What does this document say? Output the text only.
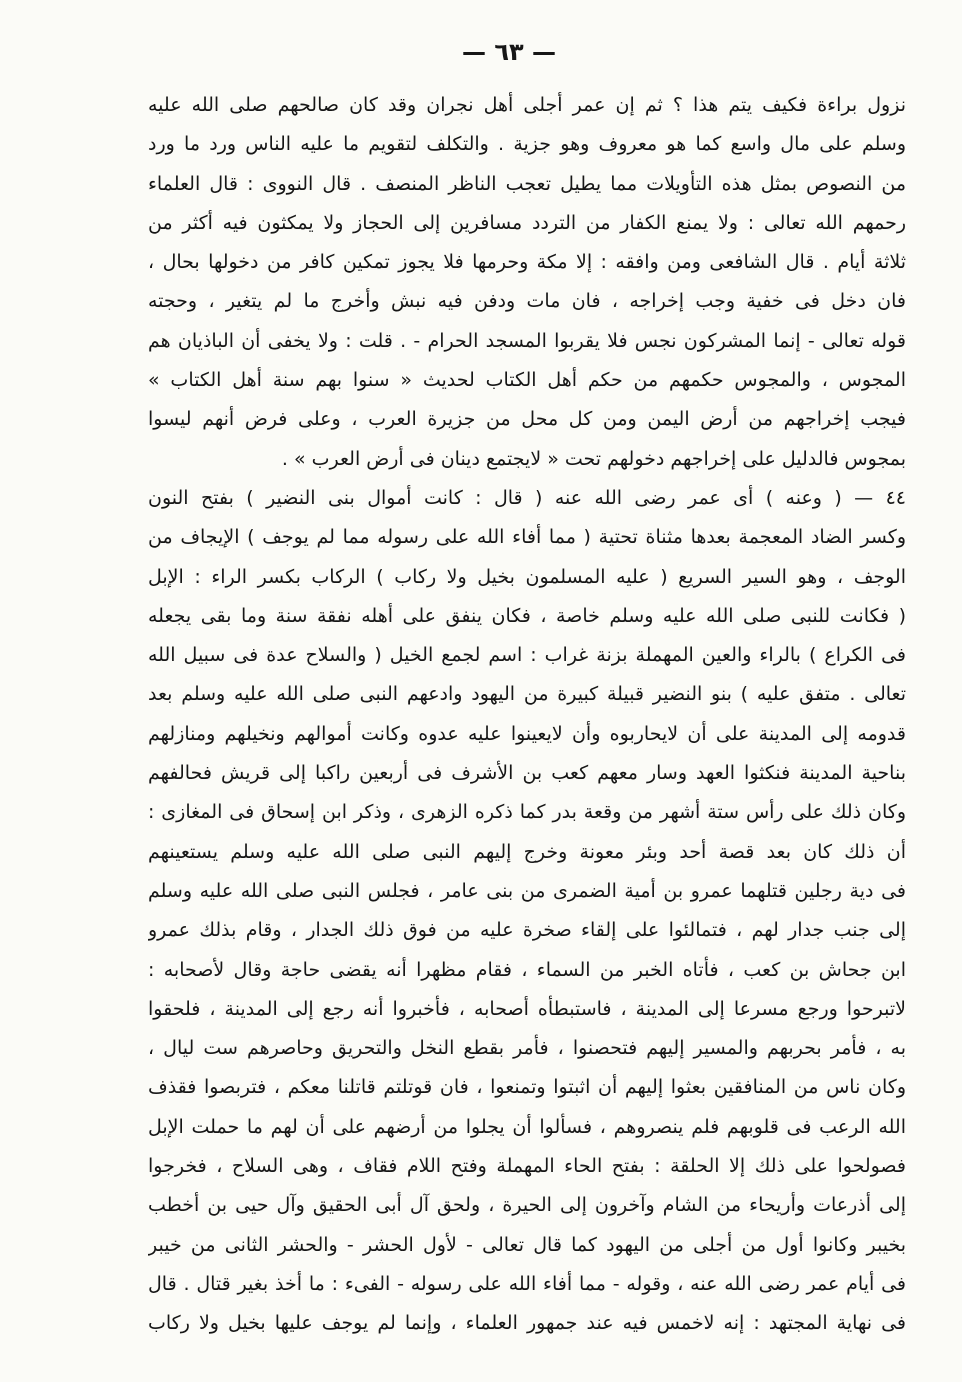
— ٦٣ —
نزول براءة فكيف يتم هذا ؟ ثم إن عمر أجلى أهل نجران وقد كان صالحهم صلى الله عليه
وسلم على مال واسع كما هو معروف وهو جزية . والتكلف لتقويم ما عليه الناس ورد ما ورد
من النصوص بمثل هذه التأويلات مما يطيل تعجب الناظر المنصف . قال النووى : قال العلماء
رحمهم الله تعالى : ولا يمنع الكفار من التردد مسافرين إلى الحجاز ولا يمكثون فيه أكثر من
ثلاثة أيام . قال الشافعى ومن وافقه : إلا مكة وحرمها فلا يجوز تمكين كافر من دخولها بحال ،
فان دخل فى خفية وجب إخراجه ، فان مات ودفن فيه نبش وأخرج ما لم يتغير ، وحجته
قوله تعالى - إنما المشركون نجس فلا يقربوا المسجد الحرام - . قلت : ولا يخفى أن الباذيان هم
المجوس ، والمجوس حكمهم من حكم أهل الكتاب لحديث « سنوا بهم سنة أهل الكتاب »
فيجب إخراجهم من أرض اليمن ومن كل محل من جزيرة العرب ، وعلى فرض أنهم ليسوا
بمجوس فالدليل على إخراجهم دخولهم تحت « لايجتمع دينان فى أرض العرب » .
٤٤ — ( وعنه ) أى عمر رضى الله عنه ( قال : كانت أموال بنى النضير ) بفتح النون
وكسر الضاد المعجمة بعدها مثناة تحتية ( مما أفاء الله على رسوله مما لم يوجف ) الإيجاف من
الوجف ، وهو السير السريع ( عليه المسلمون بخيل ولا ركاب ) الركاب بكسر الراء : الإبل
( فكانت للنبى صلى الله عليه وسلم خاصة ، فكان ينفق على أهله نفقة سنة وما بقى يجعله
فى الكراع ) بالراء والعين المهملة بزنة غراب : اسم لجمع الخيل ( والسلاح عدة فى سبيل الله
تعالى . متفق عليه ) بنو النضير قبيلة كبيرة من اليهود وادعهم النبى صلى الله عليه وسلم بعد
قدومه إلى المدينة على أن لايحاربوه وأن لايعينوا عليه عدوه وكانت أموالهم ونخيلهم ومنازلهم
بناحية المدينة فنكثوا العهد وسار معهم كعب بن الأشرف فى أربعين راكبا إلى قريش فحالفهم
وكان ذلك على رأس ستة أشهر من وقعة بدر كما ذكره الزهرى ، وذكر ابن إسحاق فى المغازى :
أن ذلك كان بعد قصة أحد وبئر معونة وخرج إليهم النبى صلى الله عليه وسلم يستعينهم
فى دية رجلين قتلهما عمرو بن أمية الضمرى من بنى عامر ، فجلس النبى صلى الله عليه وسلم
إلى جنب جدار لهم ، فتمالئوا على إلقاء صخرة عليه من فوق ذلك الجدار ، وقام بذلك عمرو
ابن جحاش بن كعب ، فأتاه الخبر من السماء ، فقام مظهرا أنه يقضى حاجة وقال لأصحابه :
لاتبرحوا ورجع مسرعا إلى المدينة ، فاستبطأه أصحابه ، فأخبروا أنه رجع إلى المدينة ، فلحقوا
به ، فأمر بحربهم والمسير إليهم فتحصنوا ، فأمر بقطع النخل والتحريق وحاصرهم ست ليال ،
وكان ناس من المنافقين بعثوا إليهم أن اثبتوا وتمنعوا ، فان قوتلتم قاتلنا معكم ، فتربصوا فقذف
الله الرعب فى قلوبهم فلم ينصروهم ، فسألوا أن يجلوا من أرضهم على أن لهم ما حملت الإبل
فصولحوا على ذلك إلا الحلقة : بفتح الحاء المهملة وفتح اللام فقاف ، وهى السلاح ، فخرجوا
إلى أذرعات وأريحاء من الشام وآخرون إلى الحيرة ، ولحق آل أبى الحقيق وآل حيى بن أخطب
بخيبر وكانوا أول من أجلى من اليهود كما قال تعالى - لأول الحشر - والحشر الثانى من خيبر
فى أيام عمر رضى الله عنه ، وقوله - مما أفاء الله على رسوله - الفىء : ما أخذ بغير قتال . قال
فى نهاية المجتهد : إنه لاخمس فيه عند جمهور العلماء ، وإنما لم يوجف عليها بخيل ولا ركاب
